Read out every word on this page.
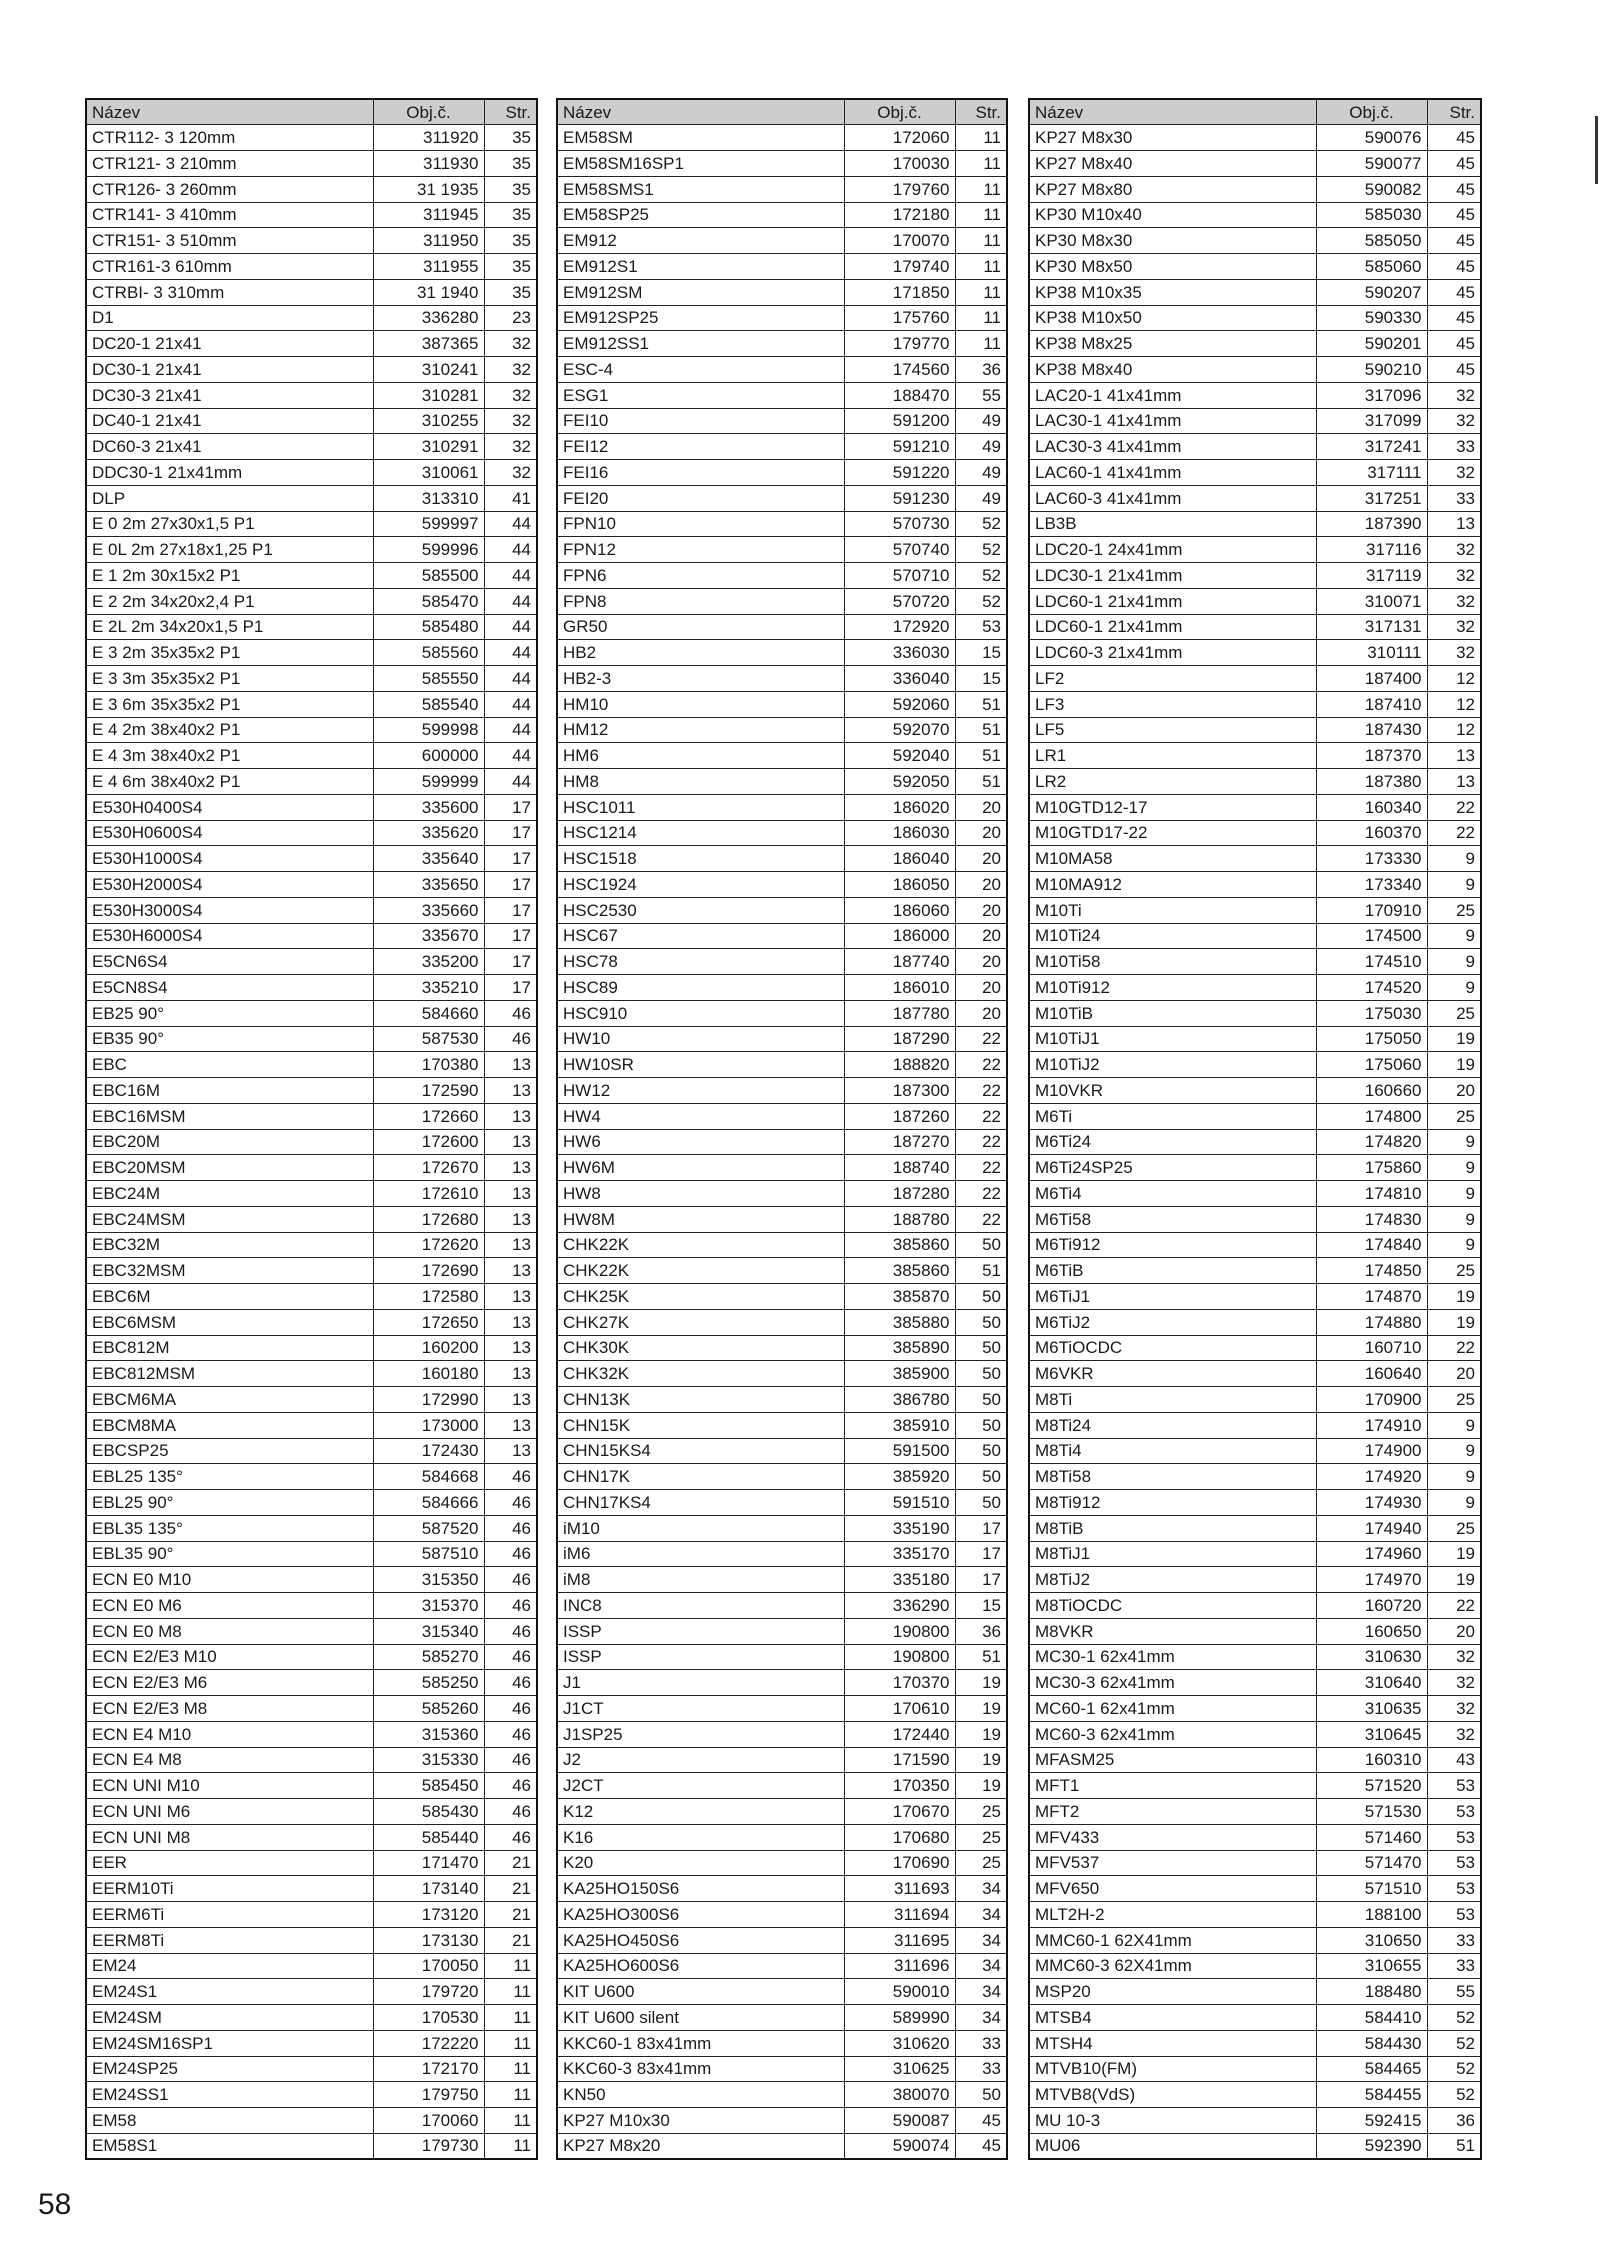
Název	Obj.č.	Str.
CTR112- 3 120mm	311920	35
CTR121- 3 210mm	311930	35
CTR126- 3 260mm	31 1935	35
CTR141- 3 410mm	311945	35
CTR151- 3 510mm	311950	35
CTR161-3 610mm	311955	35
CTRBI- 3 310mm	31 1940	35
D1	336280	23
DC20-1 21x41	387365	32
DC30-1 21x41	310241	32
DC30-3 21x41	310281	32
DC40-1 21x41	310255	32
DC60-3 21x41	310291	32
DDC30-1 21x41mm	310061	32
DLP	313310	41
E 0 2m 27x30x1,5 P1	599997	44
E 0L 2m 27x18x1,25 P1	599996	44
E 1 2m 30x15x2 P1	585500	44
E 2 2m 34x20x2,4 P1	585470	44
E 2L 2m 34x20x1,5 P1	585480	44
E 3 2m 35x35x2 P1	585560	44
E 3 3m 35x35x2 P1	585550	44
E 3 6m 35x35x2 P1	585540	44
E 4 2m 38x40x2 P1	599998	44
E 4 3m 38x40x2 P1	600000	44
E 4 6m 38x40x2 P1	599999	44
E530H0400S4	335600	17
E530H0600S4	335620	17
E530H1000S4	335640	17
E530H2000S4	335650	17
E530H3000S4	335660	17
E530H6000S4	335670	17
E5CN6S4	335200	17
E5CN8S4	335210	17
EB25 90°	584660	46
EB35 90°	587530	46
EBC	170380	13
EBC16M	172590	13
EBC16MSM	172660	13
EBC20M	172600	13
EBC20MSM	172670	13
EBC24M	172610	13
EBC24MSM	172680	13
EBC32M	172620	13
EBC32MSM	172690	13
EBC6M	172580	13
EBC6MSM	172650	13
EBC812M	160200	13
EBC812MSM	160180	13
EBCM6MA	172990	13
EBCM8MA	173000	13
EBCSP25	172430	13
EBL25 135°	584668	46
EBL25 90°	584666	46
EBL35 135°	587520	46
EBL35 90°	587510	46
ECN E0 M10	315350	46
ECN E0 M6	315370	46
ECN E0 M8	315340	46
ECN E2/E3 M10	585270	46
ECN E2/E3 M6	585250	46
ECN E2/E3 M8	585260	46
ECN E4 M10	315360	46
ECN E4 M8	315330	46
ECN UNI M10	585450	46
ECN UNI M6	585430	46
ECN UNI M8	585440	46
EER	171470	21
EERM10Ti	173140	21
EERM6Ti	173120	21
EERM8Ti	173130	21
EM24	170050	11
EM24S1	179720	11
EM24SM	170530	11
EM24SM16SP1	172220	11
EM24SP25	172170	11
EM24SS1	179750	11
EM58	170060	11
EM58S1	179730	11
Název	Obj.č.	Str.
EM58SM	172060	11
EM58SM16SP1	170030	11
EM58SMS1	179760	11
EM58SP25	172180	11
EM912	170070	11
EM912S1	179740	11
EM912SM	171850	11
EM912SP25	175760	11
EM912SS1	179770	11
ESC-4	174560	36
ESG1	188470	55
FEI10	591200	49
FEI12	591210	49
FEI16	591220	49
FEI20	591230	49
FPN10	570730	52
FPN12	570740	52
FPN6	570710	52
FPN8	570720	52
GR50	172920	53
HB2	336030	15
HB2-3	336040	15
HM10	592060	51
HM12	592070	51
HM6	592040	51
HM8	592050	51
HSC1011	186020	20
HSC1214	186030	20
HSC1518	186040	20
HSC1924	186050	20
HSC2530	186060	20
HSC67	186000	20
HSC78	187740	20
HSC89	186010	20
HSC910	187780	20
HW10	187290	22
HW10SR	188820	22
HW12	187300	22
HW4	187260	22
HW6	187270	22
HW6M	188740	22
HW8	187280	22
HW8M	188780	22
CHK22K	385860	50
CHK22K	385860	51
CHK25K	385870	50
CHK27K	385880	50
CHK30K	385890	50
CHK32K	385900	50
CHN13K	386780	50
CHN15K	385910	50
CHN15KS4	591500	50
CHN17K	385920	50
CHN17KS4	591510	50
iM10	335190	17
iM6	335170	17
iM8	335180	17
INC8	336290	15
ISSP	190800	36
ISSP	190800	51
J1	170370	19
J1CT	170610	19
J1SP25	172440	19
J2	171590	19
J2CT	170350	19
K12	170670	25
K16	170680	25
K20	170690	25
KA25HO150S6	311693	34
KA25HO300S6	311694	34
KA25HO450S6	311695	34
KA25HO600S6	311696	34
KIT U600	590010	34
KIT U600 silent	589990	34
KKC60-1 83x41mm	310620	33
KKC60-3 83x41mm	310625	33
KN50	380070	50
KP27 M10x30	590087	45
KP27 M8x20	590074	45
Název	Obj.č.	Str.
KP27 M8x30	590076	45
KP27 M8x40	590077	45
KP27 M8x80	590082	45
KP30 M10x40	585030	45
KP30 M8x30	585050	45
KP30 M8x50	585060	45
KP38 M10x35	590207	45
KP38 M10x50	590330	45
KP38 M8x25	590201	45
KP38 M8x40	590210	45
LAC20-1 41x41mm	317096	32
LAC30-1 41x41mm	317099	32
LAC30-3 41x41mm	317241	33
LAC60-1 41x41mm	317111	32
LAC60-3 41x41mm	317251	33
LB3B	187390	13
LDC20-1 24x41mm	317116	32
LDC30-1 21x41mm	317119	32
LDC60-1 21x41mm	310071	32
LDC60-1 21x41mm	317131	32
LDC60-3 21x41mm	310111	32
LF2	187400	12
LF3	187410	12
LF5	187430	12
LR1	187370	13
LR2	187380	13
M10GTD12-17	160340	22
M10GTD17-22	160370	22
M10MA58	173330	9
M10MA912	173340	9
M10Ti	170910	25
M10Ti24	174500	9
M10Ti58	174510	9
M10Ti912	174520	9
M10TiB	175030	25
M10TiJ1	175050	19
M10TiJ2	175060	19
M10VKR	160660	20
M6Ti	174800	25
M6Ti24	174820	9
M6Ti24SP25	175860	9
M6Ti4	174810	9
M6Ti58	174830	9
M6Ti912	174840	9
M6TiB	174850	25
M6TiJ1	174870	19
M6TiJ2	174880	19
M6TiOCDC	160710	22
M6VKR	160640	20
M8Ti	170900	25
M8Ti24	174910	9
M8Ti4	174900	9
M8Ti58	174920	9
M8Ti912	174930	9
M8TiB	174940	25
M8TiJ1	174960	19
M8TiJ2	174970	19
M8TiOCDC	160720	22
M8VKR	160650	20
MC30-1 62x41mm	310630	32
MC30-3 62x41mm	310640	32
MC60-1 62x41mm	310635	32
MC60-3 62x41mm	310645	32
MFASM25	160310	43
MFT1	571520	53
MFT2	571530	53
MFV433	571460	53
MFV537	571470	53
MFV650	571510	53
MLT2H-2	188100	53
MMC60-1 62X41mm	310650	33
MMC60-3 62X41mm	310655	33
MSP20	188480	55
MTSB4	584410	52
MTSH4	584430	52
MTVB10(FM)	584465	52
MTVB8(VdS)	584455	52
MU 10-3	592415	36
MU06	592390	51
58
